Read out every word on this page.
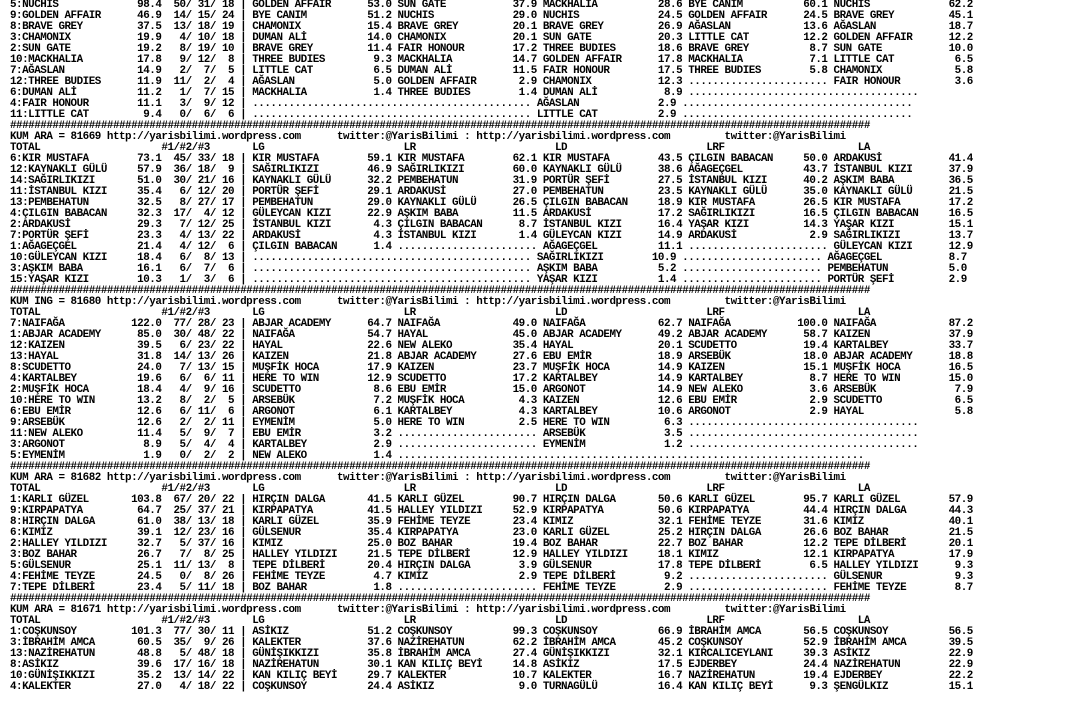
5:NUCHIS             98.4  50/ 31/ 18 | GOLDEN AFFAIR      53.0 SUN GATE           37.9 MACKHALIA          28.6 BYE CANIM          60.1 NUCHIS             62.2
9:GOLDEN AFFAIR      46.9  14/ 15/ 24 | BYE CANIM          51.2 NUCHIS             29.0 NUCHIS             24.5 GOLDEN AFFAIR      24.5 BRAVE GREY         45.1
8:BRAVE GREY         37.5  13/ 18/ 19 | CHAMONIX           15.4 BRAVE GREY         20.1 BRAVE GREY         26.9 AĞASLAN            13.6 AĞASLAN            18.7
3:CHAMONIX           19.9   4/ 10/ 18 | DUMAN ALİ          14.0 CHAMONIX           20.1 SUN GATE           20.3 LITTLE CAT         12.2 GOLDEN AFFAIR      12.2
2:SUN GATE           19.2   8/ 19/ 10 | BRAVE GREY         11.4 FAIR HONOUR        17.2 THREE BUDIES       18.6 BRAVE GREY          8.7 SUN GATE           10.0
10:MACKHALIA         17.8   9/ 12/  8 | THREE BUDIES        9.3 MACKHALIA          14.7 GOLDEN AFFAIR      17.8 MACKHALIA           7.1 LITTLE CAT          6.5
7:AĞASLAN            14.9   2/  7/  5 | LITTLE CAT          6.5 DUMAN ALİ          11.5 FAIR HONOUR        17.5 THREE BUDIES        5.8 CHAMONIX            5.8
12:THREE BUDIES      11.9  11/  2/  4 | AĞASLAN             5.0 GOLDEN AFFAIR       2.9 CHAMONIX           12.3 ....................... FAIR HONOUR         3.6
6:DUMAN ALİ          11.2   1/  7/ 15 | MACKHALIA           1.4 THREE BUDIES        1.4 DUMAN ALİ           8.9 ......................................
4:FAIR HONOUR        11.1   3/  9/ 12 | .............................................. AĞASLAN             2.9 ......................................
11:LITTLE CAT         9.4   0/  6/  6 | .............................................. LITTLE CAT          2.9 ......................................
##############################################################################################################################################
KUM ARA = 81669 http://yarisbilimi.wordpress.com      twitter:@YarisBilimi : http://yarisbilimi.wordpress.com         twitter:@YarisBilimi
TOTAL                    #1/#2/#3       LG                       LR                       LD                       LRF                      LA
6:KIR MUSTAFA        73.1  45/ 33/ 18 | KIR MUSTAFA        59.1 KIR MUSTAFA        62.1 KIR MUSTAFA        43.5 ÇILGIN BABACAN     50.0 ARDAKUSİ           41.4
12:KAYNAKLI GÜLÜ     57.9  36/ 18/  9 | SAĞIRLIKIZI        46.9 SAĞIRLIKIZI        60.0 KAYNAKLI GÜLÜ      38.6 AĞAGEÇGEL          43.7 İSTANBUL KIZI      37.9
14:SAĞIRLIKIZI       51.0  30/ 21/ 16 | KAYNAKLI GÜLÜ      32.2 PEMBEHATUN         31.9 PORTÜR ŞEFİ        27.5 İSTANBUL KIZI      40.2 AŞKIM BABA         36.5
11:İSTANBUL KIZI     35.4   6/ 12/ 20 | PORTÜR ŞEFİ        29.1 ARDAKUSİ           27.0 PEMBEHATUN         23.5 KAYNAKLI GÜLÜ      35.0 KAYNAKLI GÜLÜ      21.5
13:PEMBEHATUN        32.5   8/ 27/ 17 | PEMBEHATUN         29.0 KAYNAKLI GÜLÜ      26.5 ÇILGIN BABACAN     18.9 KIR MUSTAFA        26.5 KIR MUSTAFA        17.2
4:ÇILGIN BABACAN     32.3  17/  4/ 12 | GÜLEYCAN KIZI      22.9 AŞKIM BABA         11.5 ARDAKUSİ           17.2 SAĞIRLIKIZI        16.5 ÇILGIN BABACAN     16.5
2:ARDAKUSİ           29.3   7/ 12/ 25 | İSTANBUL KIZI       4.3 ÇILGIN BABACAN      8.7 İSTANBUL KIZI      16.4 YAŞAR KIZI         14.3 YAŞAR KIZI         15.1
7:PORTÜR ŞEFİ        23.3   4/ 13/ 22 | ARDAKUSİ            4.3 İSTANBUL KIZI       1.4 GÜLEYCAN KIZI      14.9 ARDAKUSİ            2.9 SAĞIRLIKIZI        13.7
1:AĞAGEÇGEL          21.4   4/ 12/  6 | ÇILGIN BABACAN      1.4 ....................... AĞAGEÇGEL          11.1 ....................... GÜLEYCAN KIZI      12.9
10:GÜLEYCAN KIZI     18.4   6/  8/ 13 | .............................................. SAĞIRLIKIZI        10.9 ....................... AĞAGEÇGEL           8.7
3:AŞKIM BABA         16.1   6/  7/  6 | .............................................. AŞKIM BABA          5.2 ....................... PEMBEHATUN          5.0
15:YAŞAR KIZI        10.3   1/  3/  6 | .............................................. YAŞAR KIZI          1.4 ....................... PORTÜR ŞEFİ         2.9
##############################################################################################################################################
KUM ING = 81680 http://yarisbilimi.wordpress.com      twitter:@YarisBilimi : http://yarisbilimi.wordpress.com         twitter:@YarisBilimi
TOTAL                    #1/#2/#3       LG                       LR                       LD                       LRF                      LA
7:NAIFAĞA           122.0  77/ 28/ 23 | ABJAR ACADEMY      64.7 NAIFAĞA            49.0 NAIFAĞA            62.7 NAIFAĞA           100.0 NAIFAĞA            87.2
1:ABJAR ACADEMY      85.0  30/ 48/ 22 | NAIFAĞA            54.7 HAYAL              45.0 ABJAR ACADEMY      49.2 ABJAR ACADEMY      58.7 KAIZEN             37.9
12:KAIZEN            39.5   6/ 23/ 22 | HAYAL              22.6 NEW ALEKO          35.4 HAYAL              20.1 SCUDETTO           19.4 KARTALBEY          33.7
13:HAYAL             31.8  14/ 13/ 26 | KAIZEN             21.8 ABJAR ACADEMY      27.6 EBU EMİR           18.9 ARSEBÜK            18.0 ABJAR ACADEMY      18.8
8:SCUDETTO           24.0   7/ 13/ 15 | MUŞFİK HOCA        17.9 KAIZEN             23.7 MUŞFİK HOCA        14.9 KAIZEN             15.1 MUŞFİK HOCA        16.5
4:KARTALBEY          19.6   6/  6/ 11 | HERE TO WIN        12.9 SCUDETTO           17.2 KARTALBEY          14.9 KARTALBEY           8.7 HERE TO WIN        15.0
2:MUŞFİK HOCA        18.4   4/  9/ 16 | SCUDETTO            8.6 EBU EMİR           15.0 ARGONOT            14.9 NEW ALEKO           3.6 ARSEBÜK             7.9
10:HERE TO WIN       13.2   8/  2/  5 | ARSEBÜK             7.2 MUŞFİK HOCA         4.3 KAIZEN             12.6 EBU EMİR            2.9 SCUDETTO            6.5
6:EBU EMİR           12.6   6/ 11/  6 | ARGONOT             6.1 KARTALBEY           4.3 KARTALBEY          10.6 ARGONOT             2.9 HAYAL               5.8
9:ARSEBÜK            12.6   2/  2/ 11 | EYMENİM             5.0 HERE TO WIN         2.5 HERE TO WIN         6.3 ......................................
11:NEW ALEKO         11.4   5/  9/  7 | EBU EMİR            3.2 ....................... ARSEBÜK             3.5 ......................................
3:ARGONOT             8.9   5/  4/  4 | KARTALBEY           2.9 ....................... EYMENİM             1.2 ......................................
5:EYMENİM             1.9   0/  2/  2 | NEW ALEKO           1.4 .............................................................................
##############################################################################################################################################
KUM ARA = 81682 http://yarisbilimi.wordpress.com      twitter:@YarisBilimi : http://yarisbilimi.wordpress.com         twitter:@YarisBilimi
TOTAL                    #1/#2/#3       LG                       LR                       LD                       LRF                      LA
1:KARLI GÜZEL       103.8  67/ 20/ 22 | HIRÇIN DALGA       41.5 KARLI GÜZEL        90.7 HIRÇIN DALGA       50.6 KARLI GÜZEL        95.7 KARLI GÜZEL        57.9
9:KIRPAPATYA         64.7  25/ 37/ 21 | KIRPAPATYA         41.5 HALLEY YILDIZI     52.9 KIRPAPATYA         50.6 KIRPAPATYA         44.4 HIRÇIN DALGA       44.3
8:HIRÇIN DALGA       61.0  38/ 13/ 18 | KARLI GÜZEL        35.9 FEHİME TEYZE       23.4 KIMIZ              32.1 FEHİME TEYZE       31.6 KIMIZ              40.1
6:KIMIZ              39.1  12/ 23/ 16 | GÜLSENUR           35.4 KIRPAPATYA         23.0 KARLI GÜZEL        25.2 HIRÇIN DALGA       26.6 BOZ BAHAR          21.5
2:HALLEY YILDIZI     32.7   5/ 37/ 16 | KIMIZ              25.0 BOZ BAHAR          19.4 BOZ BAHAR          22.7 BOZ BAHAR          12.2 TEPE DİLBERİ       20.1
3:BOZ BAHAR          26.7   7/  8/ 25 | HALLEY YILDIZI     21.5 TEPE DİLBERİ       12.9 HALLEY YILDIZI     18.1 KIMIZ              12.1 KIRPAPATYA         17.9
5:GÜLSENUR           25.1  11/ 13/  8 | TEPE DİLBERİ       20.4 HIRÇIN DALGA        3.9 GÜLSENUR           17.8 TEPE DİLBERİ        6.5 HALLEY YILDIZI      9.3
4:FEHİME TEYZE       24.5   0/  8/ 26 | FEHİME TEYZE        4.7 KIMIZ               2.9 TEPE DİLBERİ        9.2 ....................... GÜLSENUR            9.3
7:TEPE DİLBERİ       23.4   5/ 11/ 18 | BOZ BAHAR           1.8 ....................... FEHİME TEYZE        2.9 ....................... FEHİME TEYZE        8.7
##############################################################################################################################################
KUM ARA = 81671 http://yarisbilimi.wordpress.com      twitter:@YarisBilimi : http://yarisbilimi.wordpress.com         twitter:@YarisBilimi
TOTAL                    #1/#2/#3       LG                       LR                       LD                       LRF                      LA
1:COŞKUNSOY         101.3  77/ 30/ 11 | ASİKIZ             51.2 COŞKUNSOY          99.3 COŞKUNSOY          66.9 İBRAHİM AMCA       56.5 COŞKUNSOY          56.5
3:İBRAHİM AMCA       60.5  35/  9/ 26 | KALEKTER           37.6 NAZİREHATUN        62.2 İBRAHİM AMCA       45.2 COŞKUNSOY          52.9 İBRAHİM AMCA       39.5
13:NAZİREHATUN       48.8   5/ 48/ 18 | GÜNİŞIKKIZI        35.8 İBRAHİM AMCA       27.4 GÜNİŞIKKIZI        32.1 KIRCALICEYLANI     39.3 ASİKIZ             22.9
8:ASİKIZ             39.6  17/ 16/ 18 | NAZİREHATUN        30.1 KAN KILIÇ BEYİ     14.8 ASİKIZ             17.5 EJDERBEY           24.4 NAZİREHATUN        22.9
10:GÜNİŞIKKIZI       35.2  13/ 14/ 22 | KAN KILIÇ BEYİ     29.7 KALEKTER           10.7 KALEKTER           16.7 NAZİREHATUN        19.4 EJDERBEY           22.2
4:KALEKTER           27.0   4/ 18/ 22 | COŞKUNSOY          24.4 ASİKIZ              9.0 TURNAGÜLÜ          16.4 KAN KILIÇ BEYİ      9.3 ŞENGÜLKIZ          15.1
